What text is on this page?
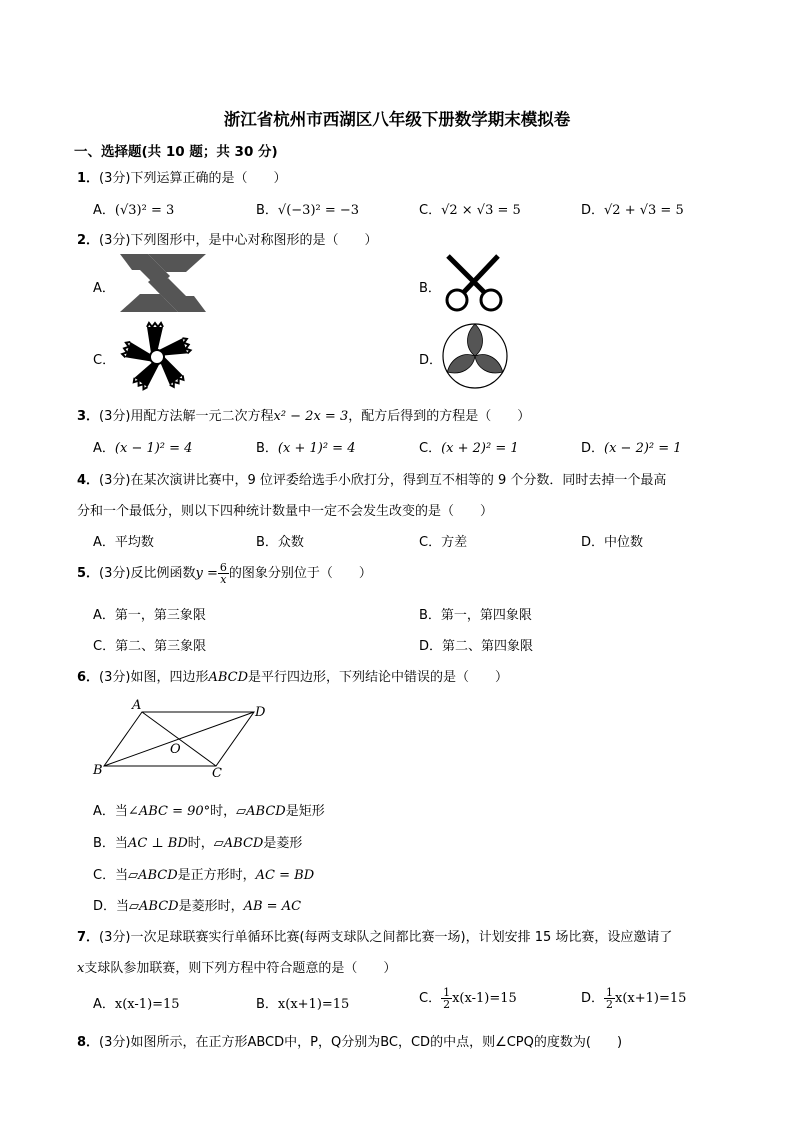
浙江省杭州市西湖区八年级下册数学期末模拟卷
一、选择题(共 10 题；共 30 分)
1．(3分)下列运算正确的是（　　）
A．(√3)² = 3	B．√(−3)² = −3	C．√2 × √3 = 5	D．√2 + √3 = 5
2．(3分)下列图形中，是中心对称图形的是（　　）
A．	B．
C．	D．
3．(3分)用配方法解一元二次方程x² − 2x = 3，配方后得到的方程是（　　）
A．(x − 1)² = 4	B．(x + 1)² = 4	C．(x + 2)² = 1	D．(x − 2)² = 1
4．(3分)在某次演讲比赛中，9 位评委给选手小欣打分，得到互不相等的 9 个分数．同时去掉一个最高
分和一个最低分，则以下四种统计数量中一定不会发生改变的是（　　）
A．平均数	B．众数	C．方差	D．中位数
5．(3分)反比例函数$y = \frac{6}{x}$ 的图象分别位于（　　）
A．第一，第三象限	B．第一，第四象限
C．第二、第三象限	D．第二、第四象限
6．(3分)如图，四边形ABCD是平行四边形，下列结论中错误的是（　　）
A	D
B	C
O
A．当∠ABC = 90°时，▱ABCD是矩形
B．当AC ⊥ BD时，▱ABCD是菱形
C．当▱ABCD是正方形时，AC = BD
D．当▱ABCD是菱形时，AB = AC
7．(3分)一次足球联赛实行单循环比赛(每两支球队之间都比赛一场)，计划安排 15 场比赛，设应邀请了
x支球队参加联赛，则下列方程中符合题意的是（　　）
A．x(x-1)=15	B．x(x+1)=15	C． $\frac{1}{2} x(x-1)=15$	D． $\frac{1}{2} x(x+1)=15$
8．(3分)如图所示，在正方形ABCD中，P，Q分别为BC，CD的中点，则∠CPQ的度数为(　　)
